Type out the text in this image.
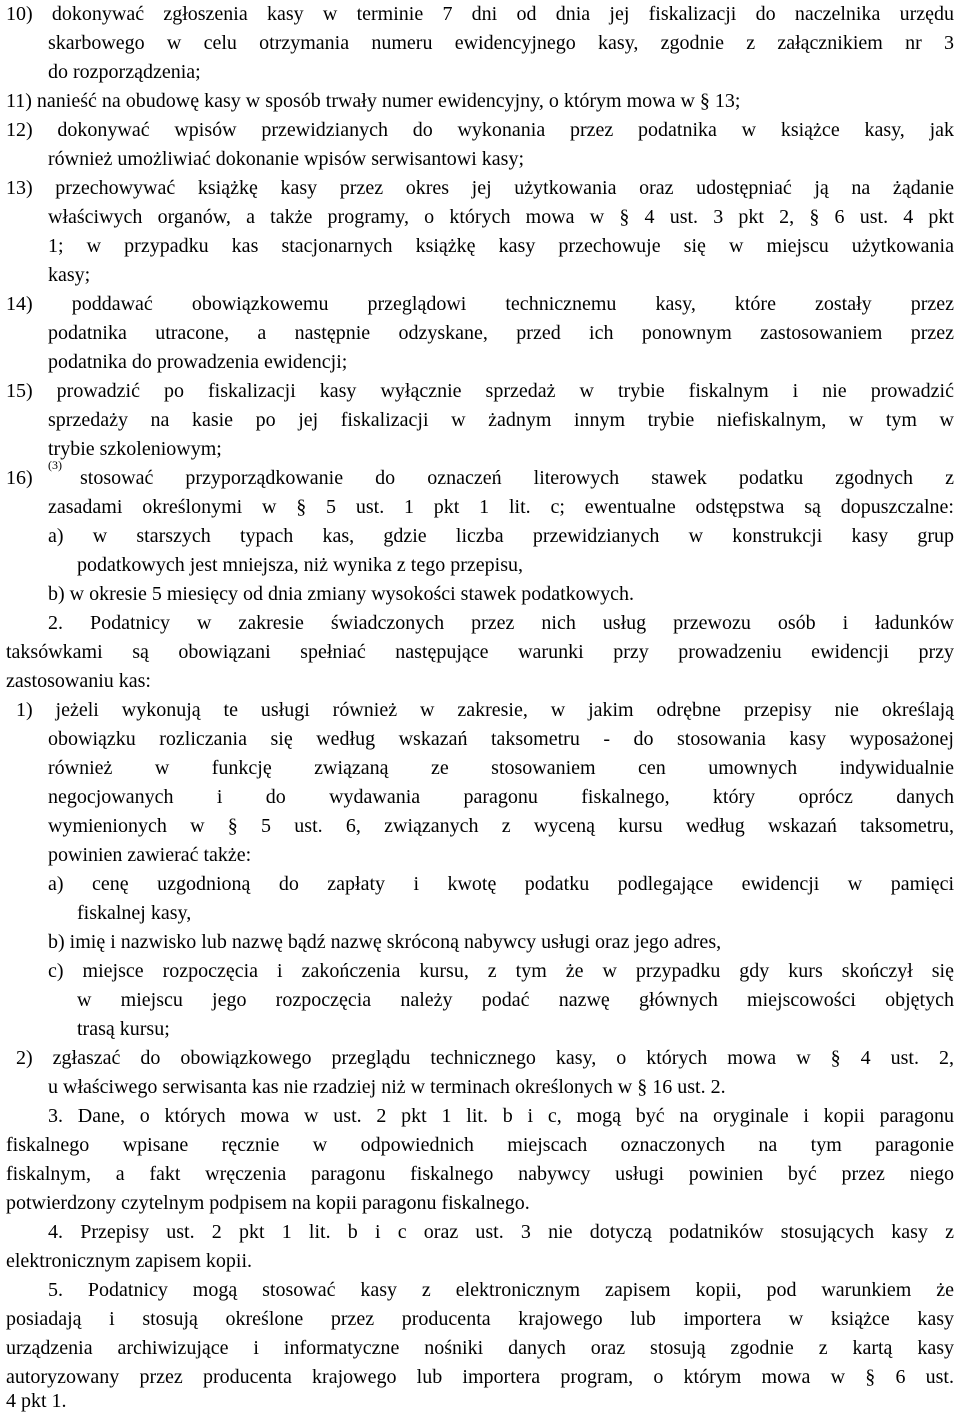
10) dokonywać zgłoszenia kasy w terminie 7 dni od dnia jej fiskalizacji do naczelnika urzędu
skarbowego w celu otrzymania numeru ewidencyjnego kasy, zgodnie z załącznikiem nr 3
do rozporządzenia;
11) nanieść na obudowę kasy w sposób trwały numer ewidencyjny, o którym mowa w § 13;
12) dokonywać wpisów przewidzianych do wykonania przez podatnika w książce kasy, jak
również umożliwiać dokonanie wpisów serwisantowi kasy;
13) przechowywać książkę kasy przez okres jej użytkowania oraz udostępniać ją na żądanie
właściwych organów, a także programy, o których mowa w § 4 ust. 3 pkt 2, § 6 ust. 4 pkt
1; w przypadku kas stacjonarnych książkę kasy przechowuje się w miejscu użytkowania
kasy;
14) poddawać obowiązkowemu przeglądowi technicznemu kasy, które zostały przez
podatnika utracone, a następnie odzyskane, przed ich ponownym zastosowaniem przez
podatnika do prowadzenia ewidencji;
15) prowadzić po fiskalizacji kasy wyłącznie sprzedaż w trybie fiskalnym i nie prowadzić
sprzedaży na kasie po jej fiskalizacji w żadnym innym trybie niefiskalnym, w tym w
trybie szkoleniowym;
16)
(3)
stosować przyporządkowanie do oznaczeń literowych stawek podatku zgodnych z
zasadami określonymi w § 5 ust. 1 pkt 1 lit. c; ewentualne odstępstwa są dopuszczalne:
a) w starszych typach kas, gdzie liczba przewidzianych w konstrukcji kasy grup
podatkowych jest mniejsza, niż wynika z tego przepisu,
b) w okresie 5 miesięcy od dnia zmiany wysokości stawek podatkowych.
2. Podatnicy w zakresie świadczonych przez nich usług przewozu osób i ładunków
taksówkami są obowiązani spełniać następujące warunki przy prowadzeniu ewidencji przy
zastosowaniu kas:
1) jeżeli wykonują te usługi również w zakresie, w jakim odrębne przepisy nie określają
obowiązku rozliczania się według wskazań taksometru - do stosowania kasy wyposażonej
również w funkcję związaną ze stosowaniem cen umownych indywidualnie
negocjowanych i do wydawania paragonu fiskalnego, który oprócz danych
wymienionych w § 5 ust. 6, związanych z wyceną kursu według wskazań taksometru,
powinien zawierać także:
a) cenę uzgodnioną do zapłaty i kwotę podatku podlegające ewidencji w pamięci
fiskalnej kasy,
b) imię i nazwisko lub nazwę bądź nazwę skróconą nabywcy usługi oraz jego adres,
c) miejsce rozpoczęcia i zakończenia kursu, z tym że w przypadku gdy kurs skończył się
w miejscu jego rozpoczęcia należy podać nazwę głównych miejscowości objętych
trasą kursu;
2) zgłaszać do obowiązkowego przeglądu technicznego kasy, o których mowa w § 4 ust. 2,
u właściwego serwisanta kas nie rzadziej niż w terminach określonych w § 16 ust. 2.
3. Dane, o których mowa w ust. 2 pkt 1 lit. b i c, mogą być na oryginale i kopii paragonu
fiskalnego wpisane ręcznie w odpowiednich miejscach oznaczonych na tym paragonie
fiskalnym, a fakt wręczenia paragonu fiskalnego nabywcy usługi powinien być przez niego
potwierdzony czytelnym podpisem na kopii paragonu fiskalnego.
4. Przepisy ust. 2 pkt 1 lit. b i c oraz ust. 3 nie dotyczą podatników stosujących kasy z
elektronicznym zapisem kopii.
5. Podatnicy mogą stosować kasy z elektronicznym zapisem kopii, pod warunkiem że
posiadają i stosują określone przez producenta krajowego lub importera w książce kasy
urządzenia archiwizujące i informatyczne nośniki danych oraz stosują zgodnie z kartą kasy
autoryzowany przez producenta krajowego lub importera program, o którym mowa w § 6 ust.
4 pkt 1.
